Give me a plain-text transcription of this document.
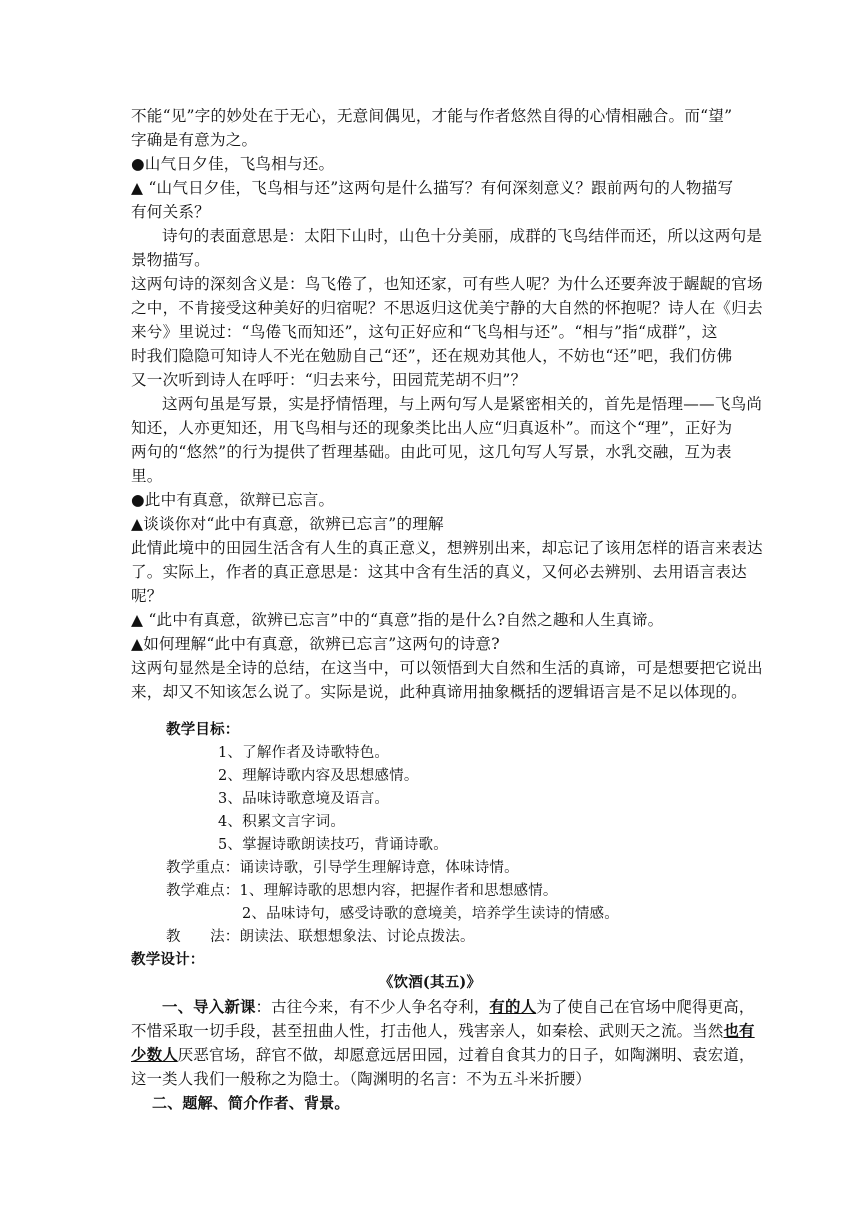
不能“见”字的妙处在于无心，无意间偶见，才能与作者悠然自得的心情相融合。而“望”
字确是有意为之。
●山气日夕佳，飞鸟相与还。
▲ “山气日夕佳，飞鸟相与还”这两句是什么描写？有何深刻意义？跟前两句的人物描写
有何关系？
诗句的表面意思是：太阳下山时，山色十分美丽，成群的飞鸟结伴而还，所以这两句是
景物描写。
这两句诗的深刻含义是：鸟飞倦了，也知还家，可有些人呢？为什么还要奔波于龌龊的官场
之中，不肯接受这种美好的归宿呢？不思返归这优美宁静的大自然的怀抱呢？诗人在《归去
来兮》里说过：“鸟倦飞而知还”，这句正好应和“飞鸟相与还”。“相与”指“成群”，这
时我们隐隐可知诗人不光在勉励自己“还”，还在规劝其他人，不妨也“还”吧，我们仿佛
又一次听到诗人在呼吁：“归去来兮，田园荒芜胡不归”？
这两句虽是写景，实是抒情悟理，与上两句写人是紧密相关的，首先是悟理——飞鸟尚
知还，人亦更知还，用飞鸟相与还的现象类比出人应“归真返朴”。而这个“理”，正好为
两句的“悠然”的行为提供了哲理基础。由此可见，这几句写人写景，水乳交融，互为表
里。
●此中有真意，欲辩已忘言。
▲谈谈你对“此中有真意，欲辨已忘言”的理解
此情此境中的田园生活含有人生的真正意义，想辨别出来，却忘记了该用怎样的语言来表达
了。实际上，作者的真正意思是：这其中含有生活的真义，又何必去辨别、去用语言表达
呢？
▲ “此中有真意，欲辨已忘言”中的“真意”指的是什么?自然之趣和人生真谛。
▲如何理解“此中有真意，欲辨已忘言”这两句的诗意?
这两句显然是全诗的总结，在这当中，可以领悟到大自然和生活的真谛，可是想要把它说出
来，却又不知该怎么说了。实际是说，此种真谛用抽象概括的逻辑语言是不足以体现的。
教学目标：
1、了解作者及诗歌特色。
2、理解诗歌内容及思想感情。
3、品味诗歌意境及语言。
4、积累文言字词。
5、掌握诗歌朗读技巧，背诵诗歌。
教学重点：诵读诗歌，引导学生理解诗意，体味诗情。
教学难点：1、理解诗歌的思想内容，把握作者和思想感情。
2、品味诗句，感受诗歌的意境美，培养学生读诗的情感。
教　　法：朗读法、联想想象法、讨论点拨法。
教学设计：
《饮酒(其五)》
一、导入新课：古往今来，有不少人争名夺利，有的人为了使自己在官场中爬得更高，
不惜采取一切手段，甚至扭曲人性，打击他人，残害亲人，如秦桧、武则天之流。当然也有
少数人厌恶官场，辞官不做，却愿意远居田园，过着自食其力的日子，如陶渊明、袁宏道，
这一类人我们一般称之为隐士。（陶渊明的名言：不为五斗米折腰）
二、题解、简介作者、背景。
